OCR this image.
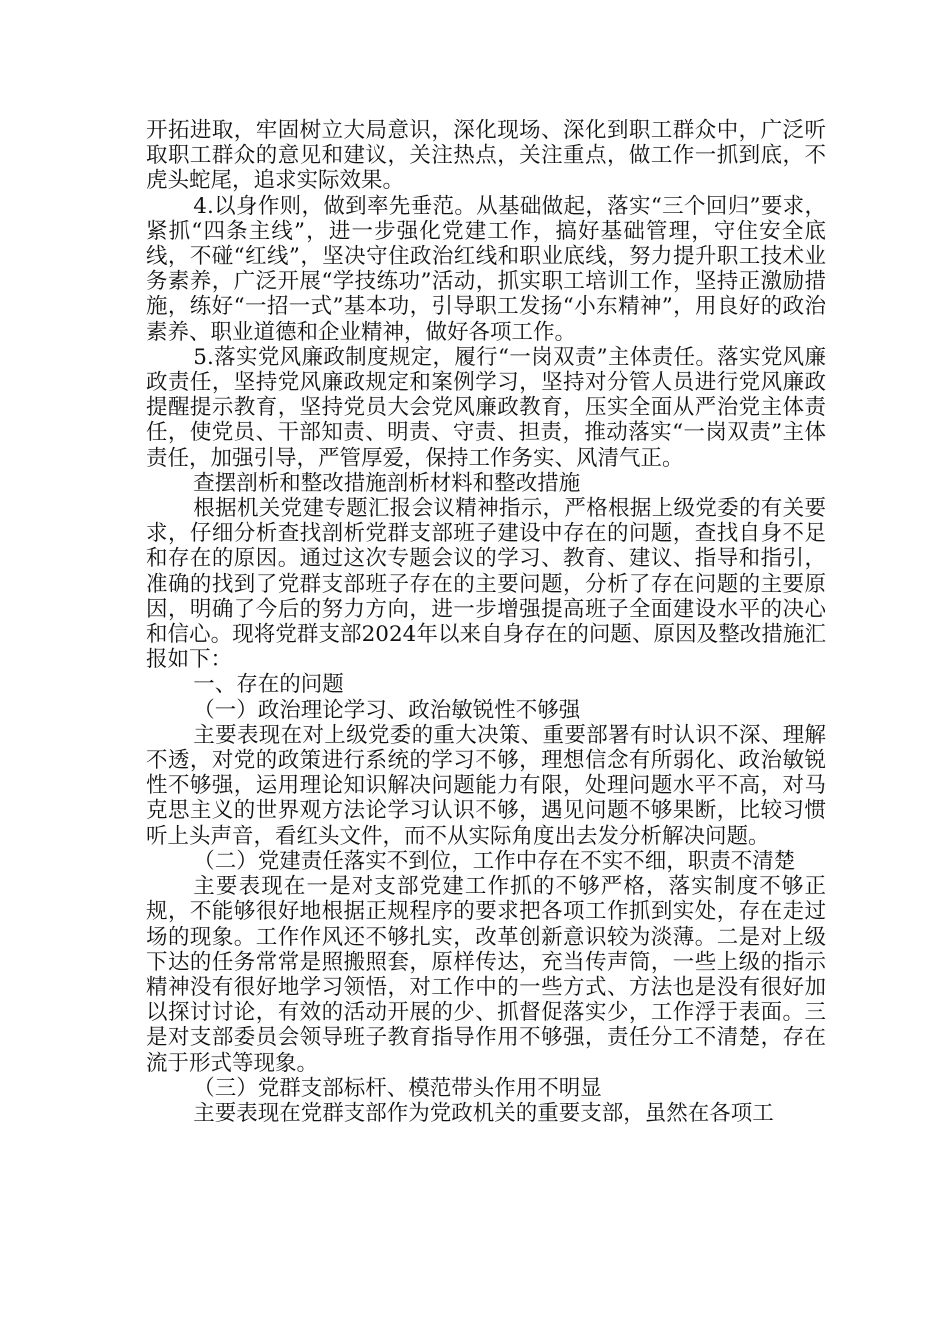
开拓进取，牢固树立大局意识，深化现场、深化到职工群众中，广泛听取职工群众的意见和建议，关注热点，关注重点，做工作一抓到底，不虎头蛇尾，追求实际效果。

4.以身作则，做到率先垂范。从基础做起，落实“三个回归”要求，紧抓“四条主线”，进一步强化党建工作，搞好基础管理，守住安全底线，不碰“红线”，坚决守住政治红线和职业底线，努力提升职工技术业务素养，广泛开展“学技练功”活动，抓实职工培训工作，坚持正激励措施，练好“一招一式”基本功，引导职工发扬“小东精神”，用良好的政治素养、职业道德和企业精神，做好各项工作。

5.落实党风廉政制度规定，履行“一岗双责”主体责任。落实党风廉政责任，坚持党风廉政规定和案例学习，坚持对分管人员进行党风廉政提醒提示教育，坚持党员大会党风廉政教育，压实全面从严治党主体责任，使党员、干部知责、明责、守责、担责，推动落实“一岗双责”主体责任，加强引导，严管厚爱，保持工作务实、风清气正。

查摆剖析和整改措施剖析材料和整改措施

根据机关党建专题汇报会议精神指示，严格根据上级党委的有关要求，仔细分析查找剖析党群支部班子建设中存在的问题，查找自身不足和存在的原因。通过这次专题会议的学习、教育、建议、指导和指引，准确的找到了党群支部班子存在的主要问题，分析了存在问题的主要原因，明确了今后的努力方向，进一步增强提高班子全面建设水平的决心和信心。现将党群支部2024年以来自身存在的问题、原因及整改措施汇报如下：

一、存在的问题

（一）政治理论学习、政治敏锐性不够强

主要表现在对上级党委的重大决策、重要部署有时认识不深、理解不透，对党的政策进行系统的学习不够，理想信念有所弱化、政治敏锐性不够强，运用理论知识解决问题能力有限，处理问题水平不高，对马克思主义的世界观方法论学习认识不够，遇见问题不够果断，比较习惯听上头声音，看红头文件，而不从实际角度出去发分析解决问题。

（二）党建责任落实不到位，工作中存在不实不细，职责不清楚

主要表现在一是对支部党建工作抓的不够严格，落实制度不够正规，不能够很好地根据正规程序的要求把各项工作抓到实处，存在走过场的现象。工作作风还不够扎实，改革创新意识较为淡薄。二是对上级下达的任务常常是照搬照套，原样传达，充当传声筒，一些上级的指示精神没有很好地学习领悟，对工作中的一些方式、方法也是没有很好加以探讨讨论，有效的活动开展的少、抓督促落实少，工作浮于表面。三是对支部委员会领导班子教育指导作用不够强，责任分工不清楚，存在流于形式等现象。

（三）党群支部标杆、模范带头作用不明显

主要表现在党群支部作为党政机关的重要支部，虽然在各项工
